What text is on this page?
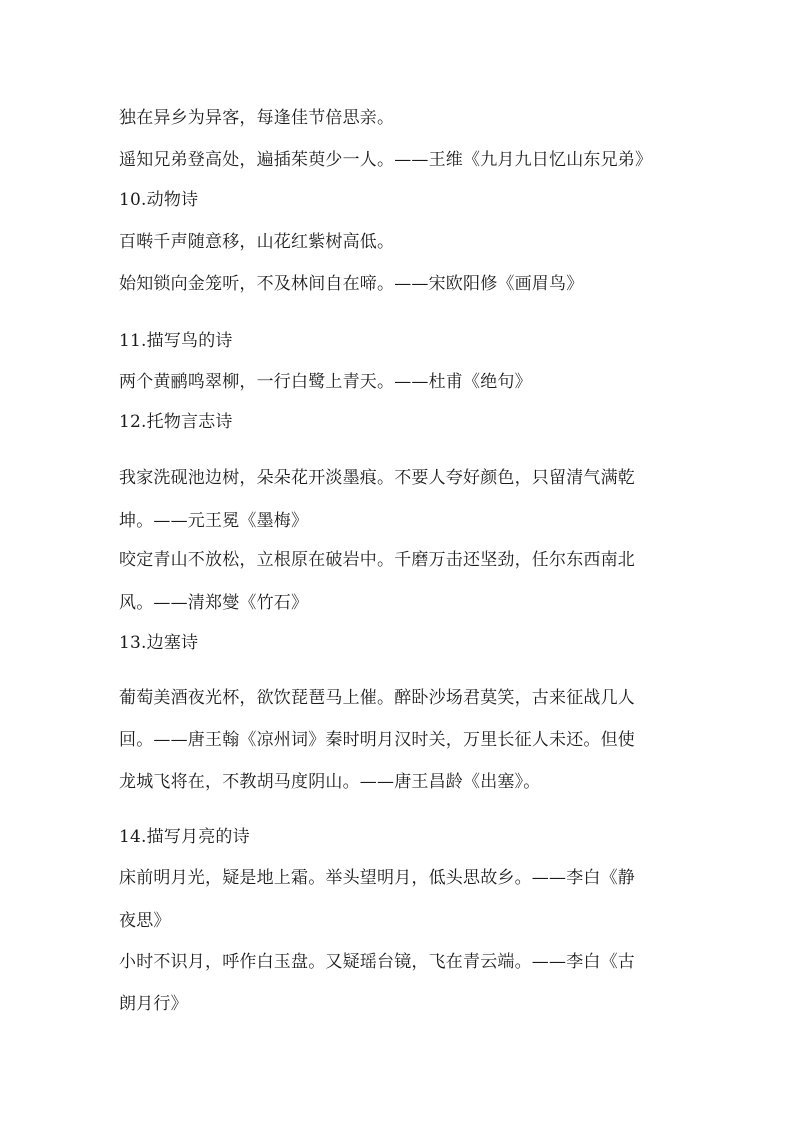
独在异乡为异客，每逢佳节倍思亲。
遥知兄弟登高处，遍插茱萸少一人。——王维《九月九日忆山东兄弟》
10.动物诗
百啭千声随意移，山花红紫树高低。
始知锁向金笼听，不及林间自在啼。——宋欧阳修《画眉鸟》
11.描写鸟的诗
两个黄鹂鸣翠柳，一行白鹭上青天。——杜甫《绝句》
12.托物言志诗
我家洗砚池边树，朵朵花开淡墨痕。不要人夸好颜色，只留清气满乾
坤。——元王冕《墨梅》
咬定青山不放松，立根原在破岩中。千磨万击还坚劲，任尔东西南北
风。——清郑燮《竹石》
13.边塞诗
葡萄美酒夜光杯，欲饮琵琶马上催。醉卧沙场君莫笑，古来征战几人
回。——唐王翰《凉州词》秦时明月汉时关，万里长征人未还。但使
龙城飞将在，不教胡马度阴山。——唐王昌龄《出塞》。
14.描写月亮的诗
床前明月光，疑是地上霜。举头望明月，低头思故乡。——李白《静
夜思》
小时不识月，呼作白玉盘。又疑瑶台镜，飞在青云端。——李白《古
朗月行》
